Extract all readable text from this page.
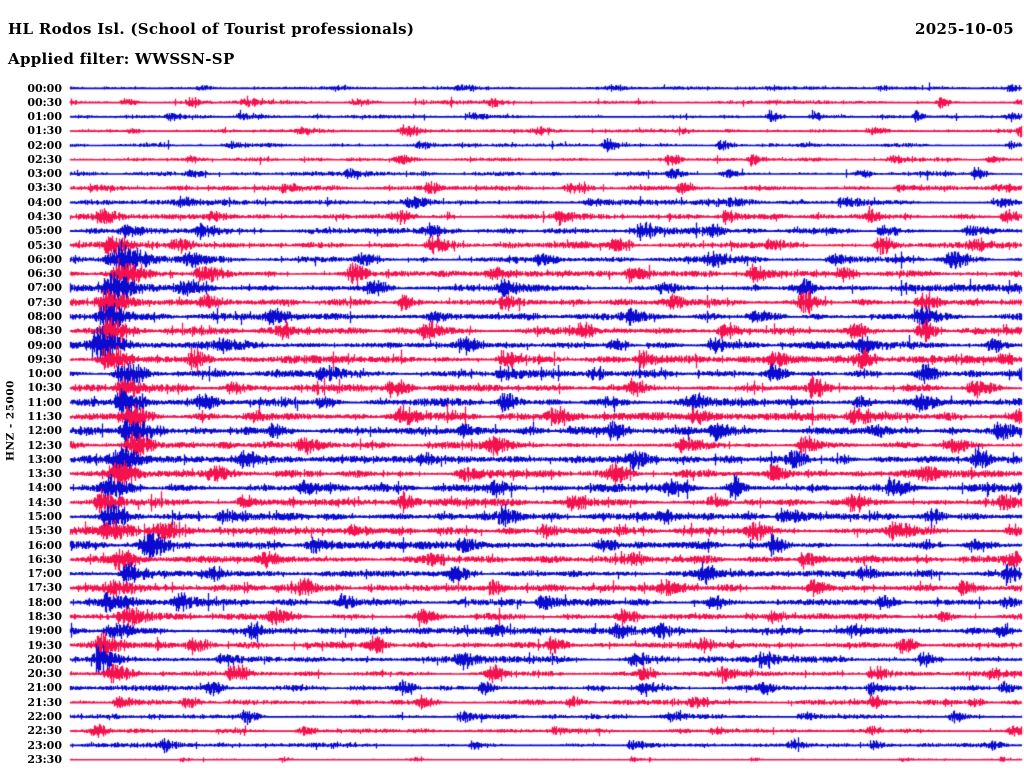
HL Rodos Isl. (School of Tourist professionals)	2025-10-05
Applied filter: WWSSN-SP
HNZ - 25000
00:00
00:30
01:00
01:30
02:00
02:30
03:00
03:30
04:00
04:30
05:00
05:30
06:00
06:30
07:00
07:30
08:00
08:30
09:00
09:30
10:00
10:30
11:00
11:30
12:00
12:30
13:00
13:30
14:00
14:30
15:00
15:30
16:00
16:30
17:00
17:30
18:00
18:30
19:00
19:30
20:00
20:30
21:00
21:30
22:00
22:30
23:00
23:30
